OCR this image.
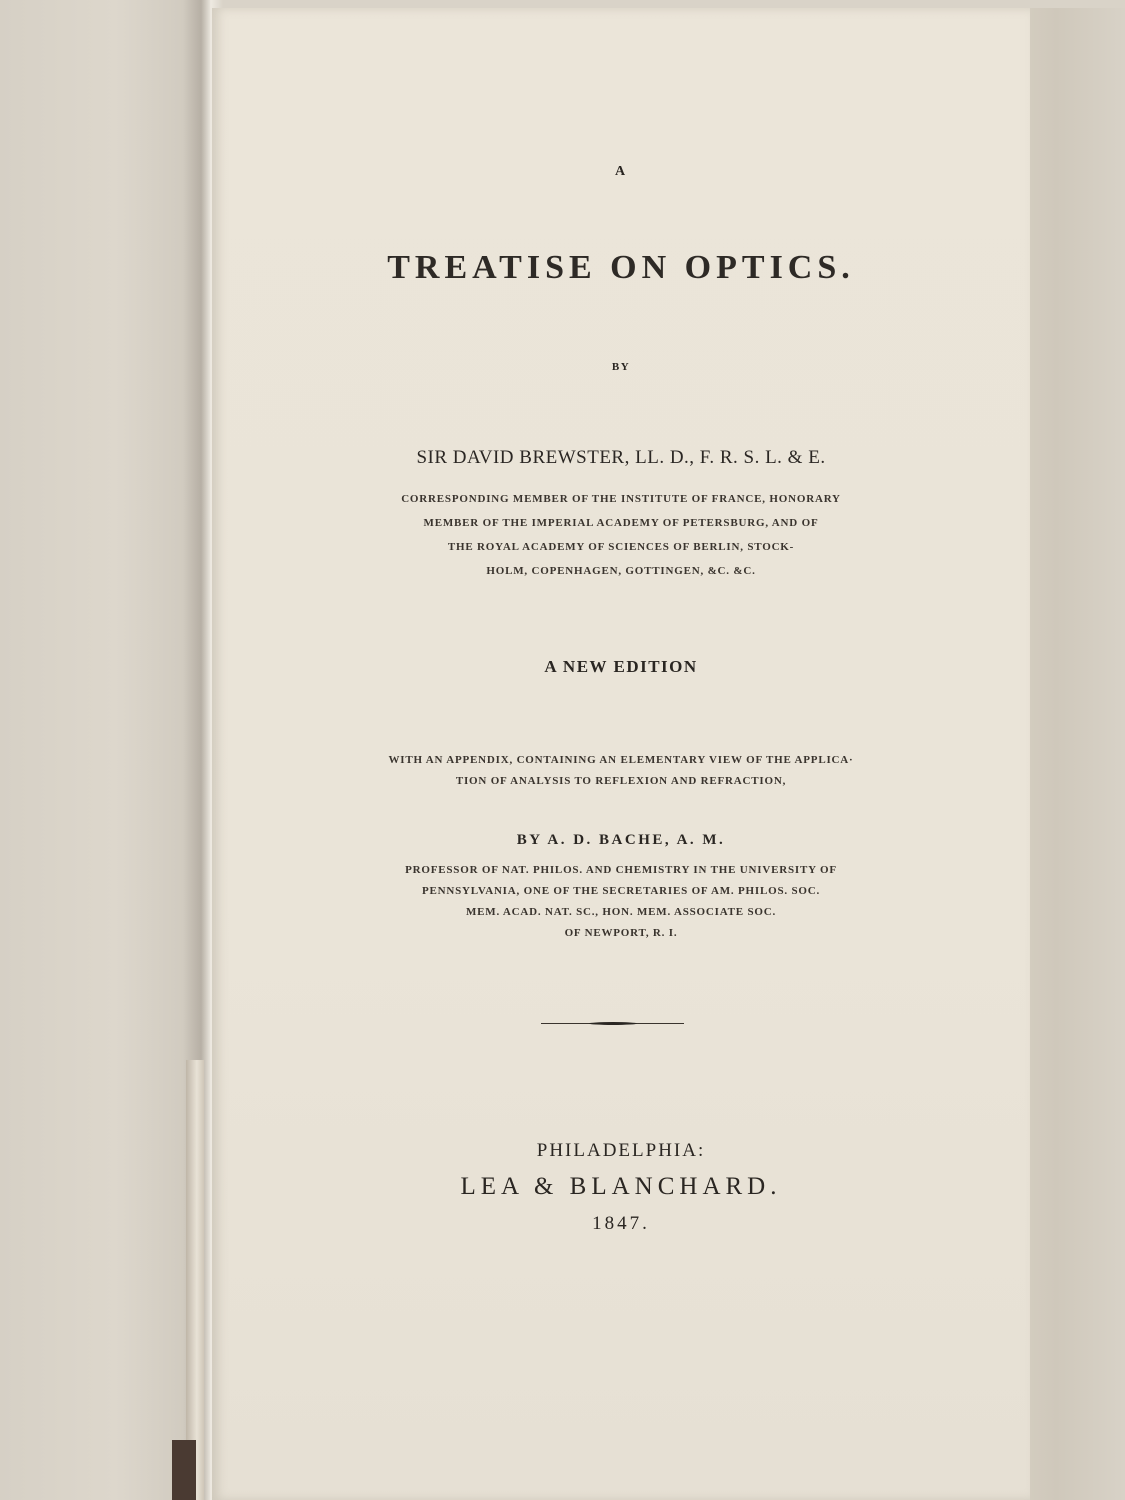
A
TREATISE ON OPTICS.
BY
SIR DAVID BREWSTER, LL. D., F. R. S. L. & E.
CORRESPONDING MEMBER OF THE INSTITUTE OF FRANCE, HONORARY
MEMBER OF THE IMPERIAL ACADEMY OF PETERSBURG, AND OF
THE ROYAL ACADEMY OF SCIENCES OF BERLIN, STOCK-
HOLM, COPENHAGEN, GOTTINGEN, &C. &C.
A NEW EDITION
WITH AN APPENDIX, CONTAINING AN ELEMENTARY VIEW OF THE APPLICA·
TION OF ANALYSIS TO REFLEXION AND REFRACTION,
BY A. D. BACHE, A. M.
PROFESSOR OF NAT. PHILOS. AND CHEMISTRY IN THE UNIVERSITY OF
PENNSYLVANIA, ONE OF THE SECRETARIES OF AM. PHILOS. SOC.
MEM. ACAD. NAT. SC., HON. MEM. ASSOCIATE SOC.
OF NEWPORT, R. I.
PHILADELPHIA:
LEA & BLANCHARD.
1847.
